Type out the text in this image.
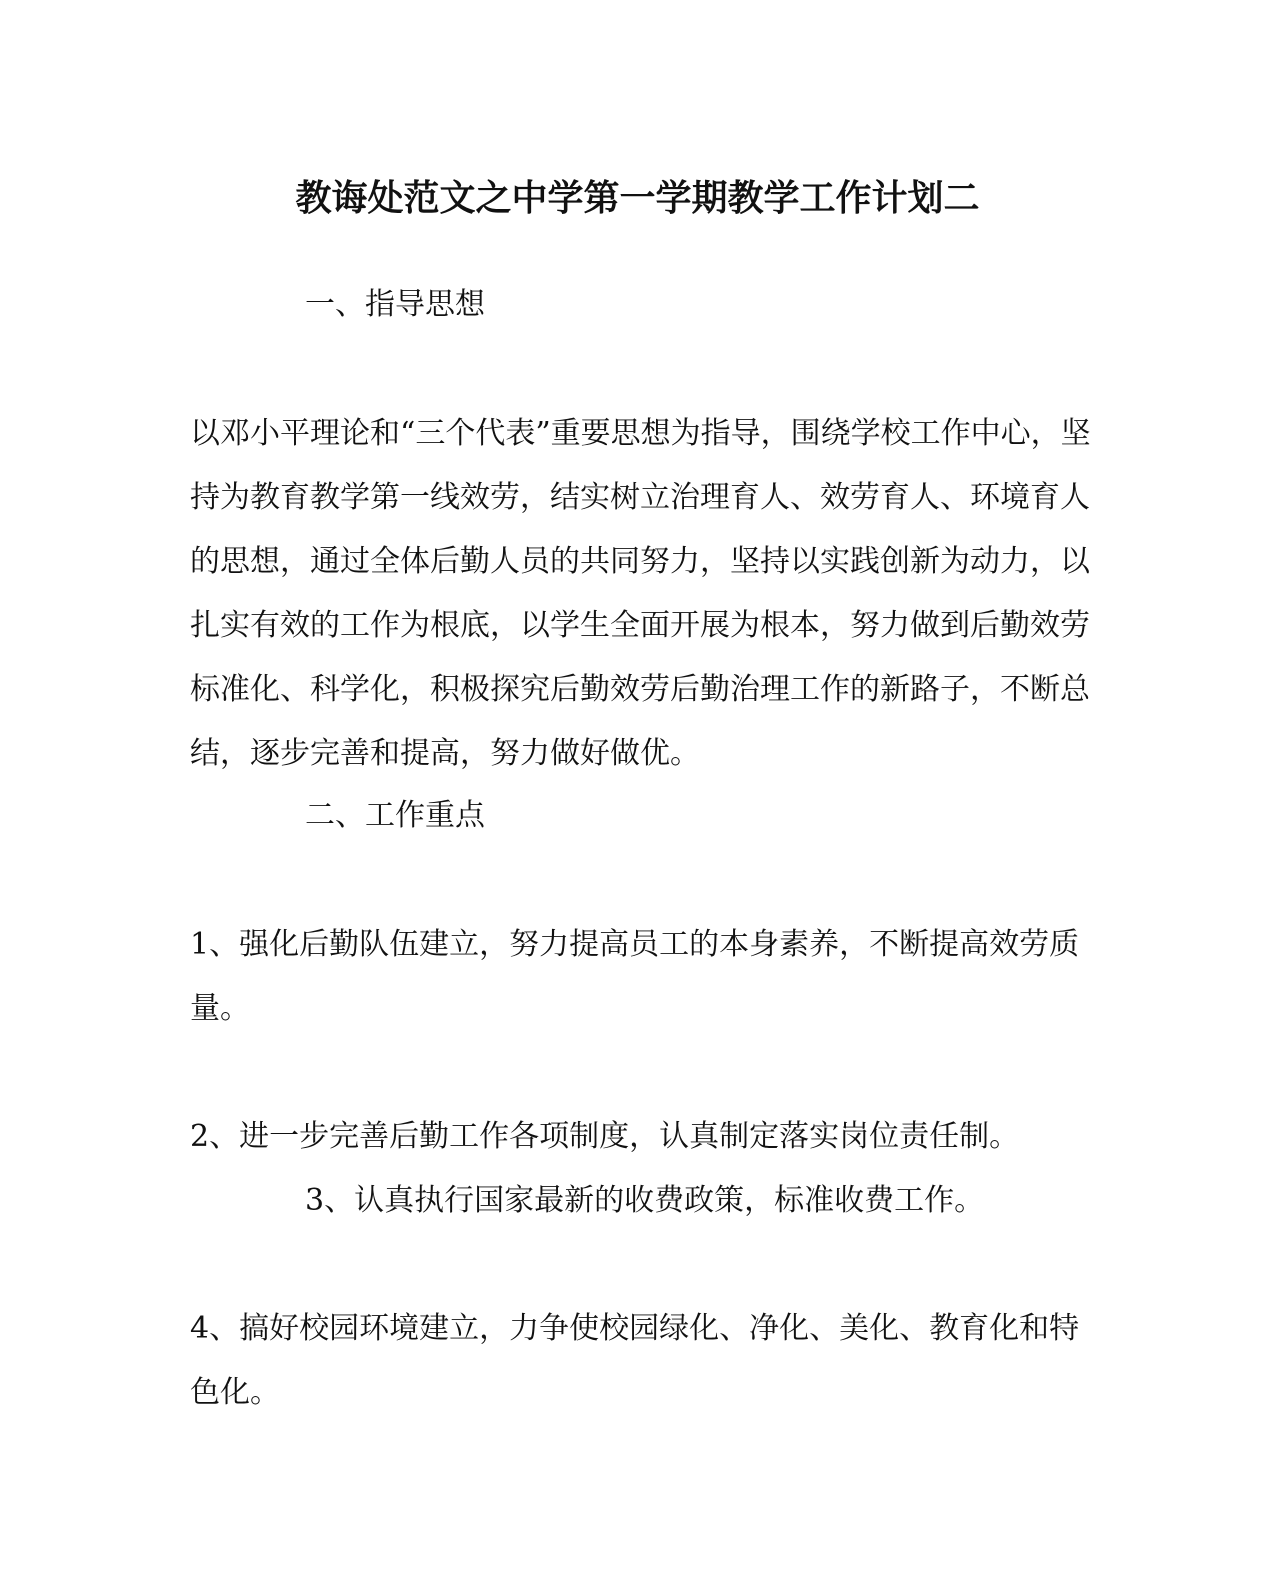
教诲处范文之中学第一学期教学工作计划二
一、指导思想
以邓小平理论和“三个代表”重要思想为指导，围绕学校工作中心，坚
持为教育教学第一线效劳，结实树立治理育人、效劳育人、环境育人
的思想，通过全体后勤人员的共同努力，坚持以实践创新为动力，以
扎实有效的工作为根底，以学生全面开展为根本，努力做到后勤效劳
标准化、科学化，积极探究后勤效劳后勤治理工作的新路子，不断总
结，逐步完善和提高，努力做好做优。
二、工作重点
1、强化后勤队伍建立，努力提高员工的本身素养，不断提高效劳质
量。
2、进一步完善后勤工作各项制度，认真制定落实岗位责任制。
3、认真执行国家最新的收费政策，标准收费工作。
4、搞好校园环境建立，力争使校园绿化、净化、美化、教育化和特
色化。
